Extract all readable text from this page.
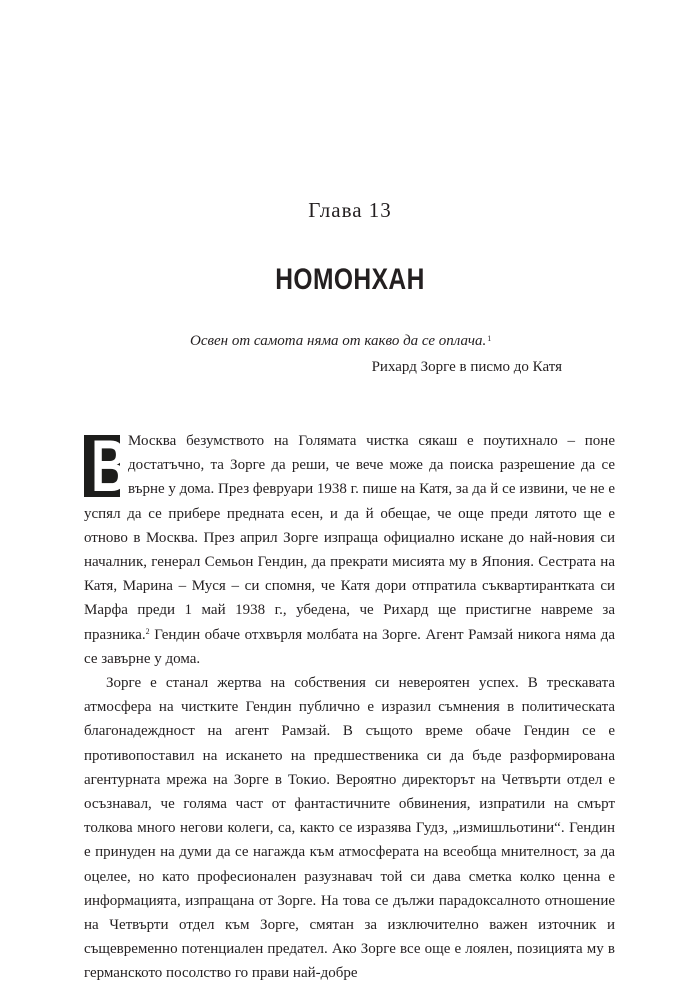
Глава 13
НОМОНХАН
Освен от самота няма от какво да се оплача.$^1$
Рихард Зорге в писмо до Катя

В Москва безумството на Голямата чистка сякаш е поутихнало – поне достатъчно, та Зорге да реши, че вече може да поиска разрешение да се върне у дома. През февруари 1938 г. пише на Катя, за да й се извини, че не е успял да се прибере предната есен, и да й обещае, че още преди лятото ще е отново в Москва. През април Зорге изпраща официално искане до най-новия си началник, генерал Семьон Гендин, да прекрати мисията му в Япония. Сестрата на Катя, Марина – Муся – си спомня, че Катя дори отпратила съквартирантката си Марфа преди 1 май 1938 г., убедена, че Рихард ще пристигне навреме за празника.$^2$ Гендин обаче отхвърля молбата на Зорге. Агент Рамзай никога няма да се завърне у дома.

Зорге е станал жертва на собствения си невероятен успех. В трескавата атмосфера на чистките Гендин публично е изразил съмнения в политическата благонадеждност на агент Рамзай. В същото време обаче Гендин се е противопоставил на искането на предшественика си да бъде разформирована агентурната мрежа на Зорге в Токио. Вероятно директорът на Четвърти отдел е осъзнавал, че голяма част от фантастичните обвинения, изпратили на смърт толкова много негови колеги, са, както се изразява Гудз, „измишльотини“. Гендин е принуден на думи да се нагажда към атмосферата на всеобща мнителност, за да оцелее, но като професионален разузнавач той си дава сметка колко ценна е информацията, изпращана от Зорге. На това се дължи парадоксалното отношение на Четвърти отдел към Зорге, смятан за изключително важен източник и същевременно потенциален предател. Ако Зорге все още е лоялен, позицията му в германското посолство го прави най-добре
